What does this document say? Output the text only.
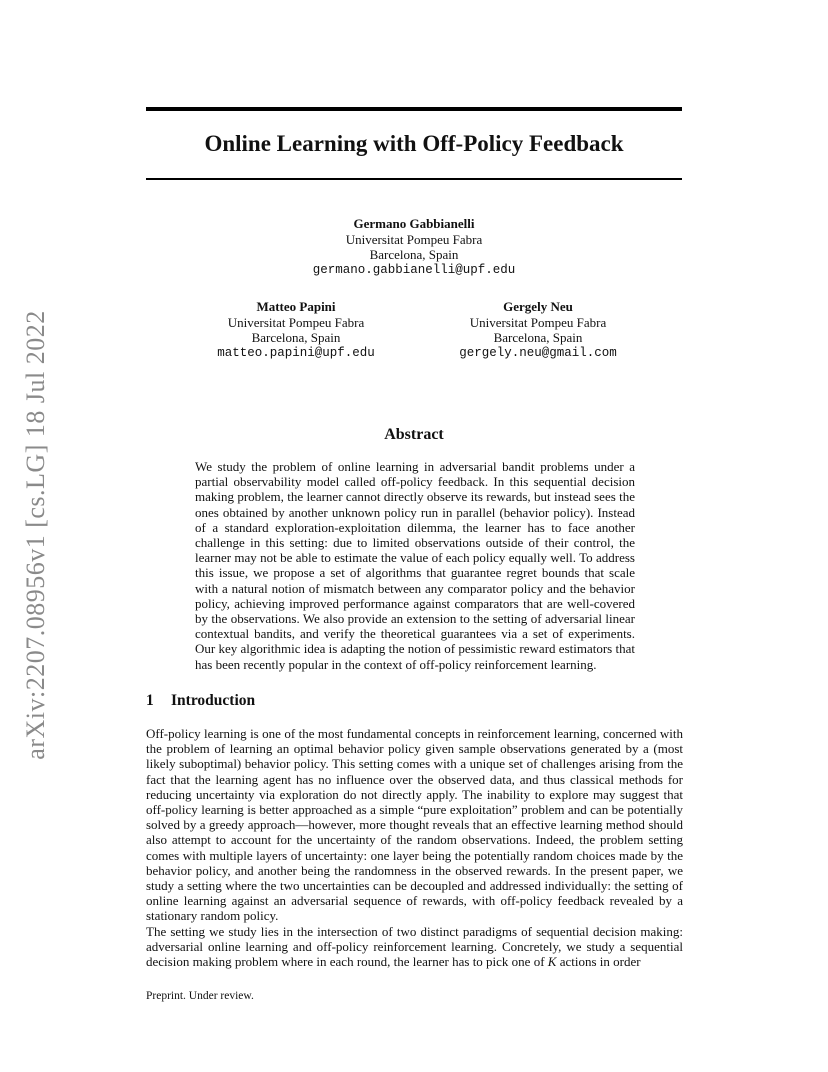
arXiv:2207.08956v1 [cs.LG] 18 Jul 2022
Online Learning with Off-Policy Feedback
Germano Gabbianelli
Universitat Pompeu Fabra
Barcelona, Spain
germano.gabbianelli@upf.edu
Matteo Papini
Universitat Pompeu Fabra
Barcelona, Spain
matteo.papini@upf.edu
Gergely Neu
Universitat Pompeu Fabra
Barcelona, Spain
gergely.neu@gmail.com
Abstract
We study the problem of online learning in adversarial bandit problems under a partial observability model called off-policy feedback. In this sequential decision making problem, the learner cannot directly observe its rewards, but instead sees the ones obtained by another unknown policy run in parallel (behavior policy). Instead of a standard exploration-exploitation dilemma, the learner has to face another challenge in this setting: due to limited observations outside of their control, the learner may not be able to estimate the value of each policy equally well. To address this issue, we propose a set of algorithms that guarantee regret bounds that scale with a natural notion of mismatch between any comparator policy and the behavior policy, achieving improved performance against comparators that are well-covered by the observations. We also provide an extension to the setting of adversarial linear contextual bandits, and verify the theoretical guarantees via a set of experiments. Our key algorithmic idea is adapting the notion of pessimistic reward estimators that has been recently popular in the context of off-policy reinforcement learning.
1 Introduction
Off-policy learning is one of the most fundamental concepts in reinforcement learning, concerned with the problem of learning an optimal behavior policy given sample observations generated by a (most likely suboptimal) behavior policy. This setting comes with a unique set of challenges arising from the fact that the learning agent has no influence over the observed data, and thus classical methods for reducing uncertainty via exploration do not directly apply. The inability to explore may suggest that off-policy learning is better approached as a simple “pure exploitation” problem and can be potentially solved by a greedy approach—however, more thought reveals that an effective learning method should also attempt to account for the uncertainty of the random observations. Indeed, the problem setting comes with multiple layers of uncertainty: one layer being the potentially random choices made by the behavior policy, and another being the randomness in the observed rewards. In the present paper, we study a setting where the two uncertainties can be decoupled and addressed individually: the setting of online learning against an adversarial sequence of rewards, with off-policy feedback revealed by a stationary random policy.
The setting we study lies in the intersection of two distinct paradigms of sequential decision making: adversarial online learning and off-policy reinforcement learning. Concretely, we study a sequential decision making problem where in each round, the learner has to pick one of K actions in order
Preprint. Under review.
